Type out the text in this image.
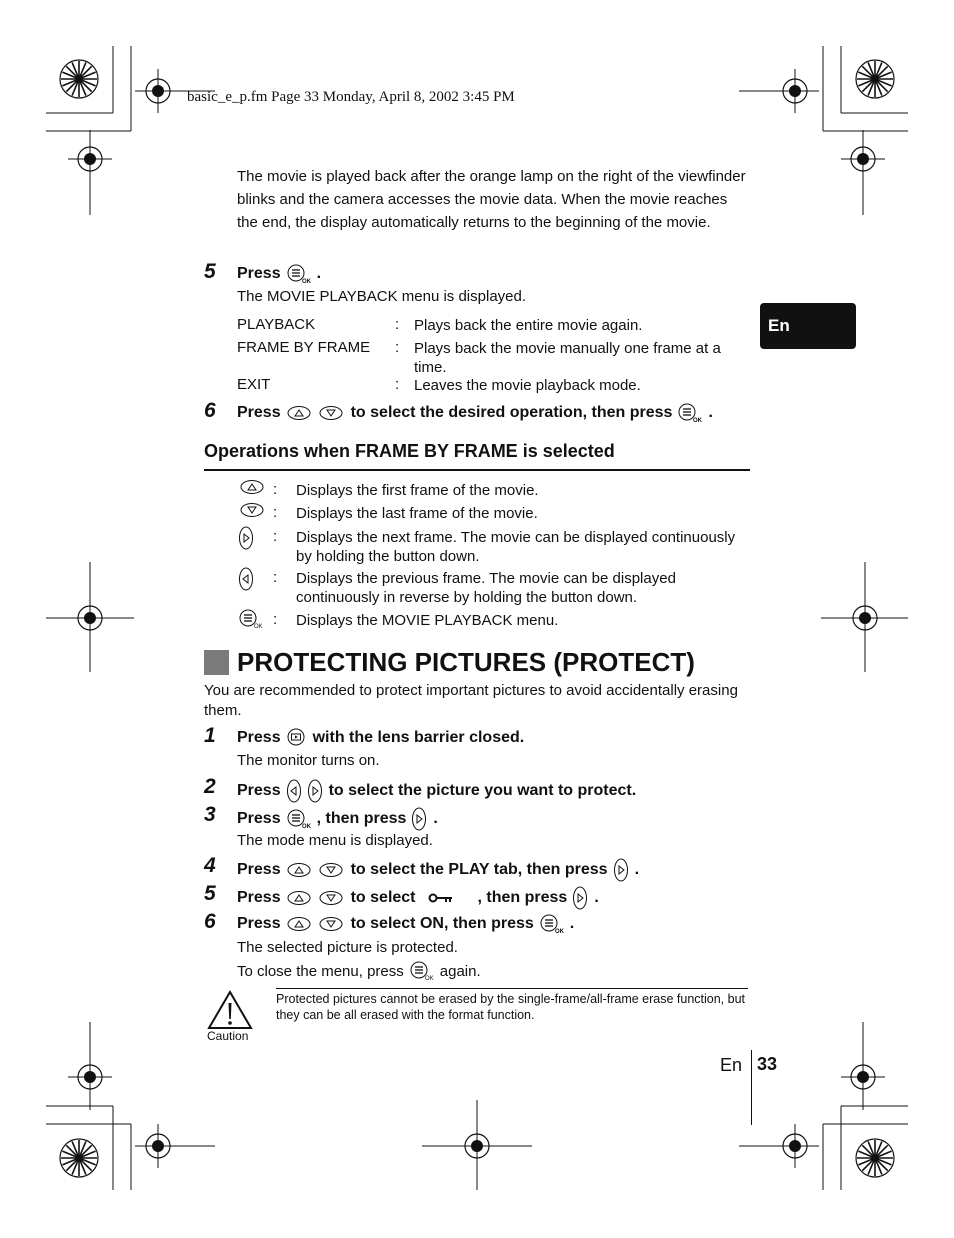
basic_e_p.fm Page 33 Monday, April 8, 2002 3:45 PM
The movie is played back after the orange lamp on the right of the viewfinder blinks and the camera accesses the movie data. When the movie reaches the end, the display automatically returns to the beginning of the movie.
En
5 Press .
The MOVIE PLAYBACK menu is displayed.
PLAYBACK	: Plays back the entire movie again.
FRAME BY FRAME : Plays back the movie manually one frame at a time.
EXIT	: Leaves the movie playback mode.
6 Press	to select the desired operation, then press .
Operations when FRAME BY FRAME is selected
: Displays the first frame of the movie.
: Displays the last frame of the movie.
: Displays the next frame. The movie can be displayed continuously by holding the button down.
: Displays the previous frame. The movie can be displayed continuously in reverse by holding the button down.
: Displays the MOVIE PLAYBACK menu.
PROTECTING PICTURES (PROTECT)
You are recommended to protect important pictures to avoid accidentally erasing them.
1 Press with the lens barrier closed.
The monitor turns on.
2 Press	to select the picture you want to protect.
3 Press , then press .
The mode menu is displayed.
4 Press	to select the PLAY tab, then press .
5 Press	to select	, then press .
6 Press	to select ON, then press .
The selected picture is protected.
To close the menu, press again.
Caution
Protected pictures cannot be erased by the single-frame/all-frame erase function, but they can be all erased with the format function.
En 33
